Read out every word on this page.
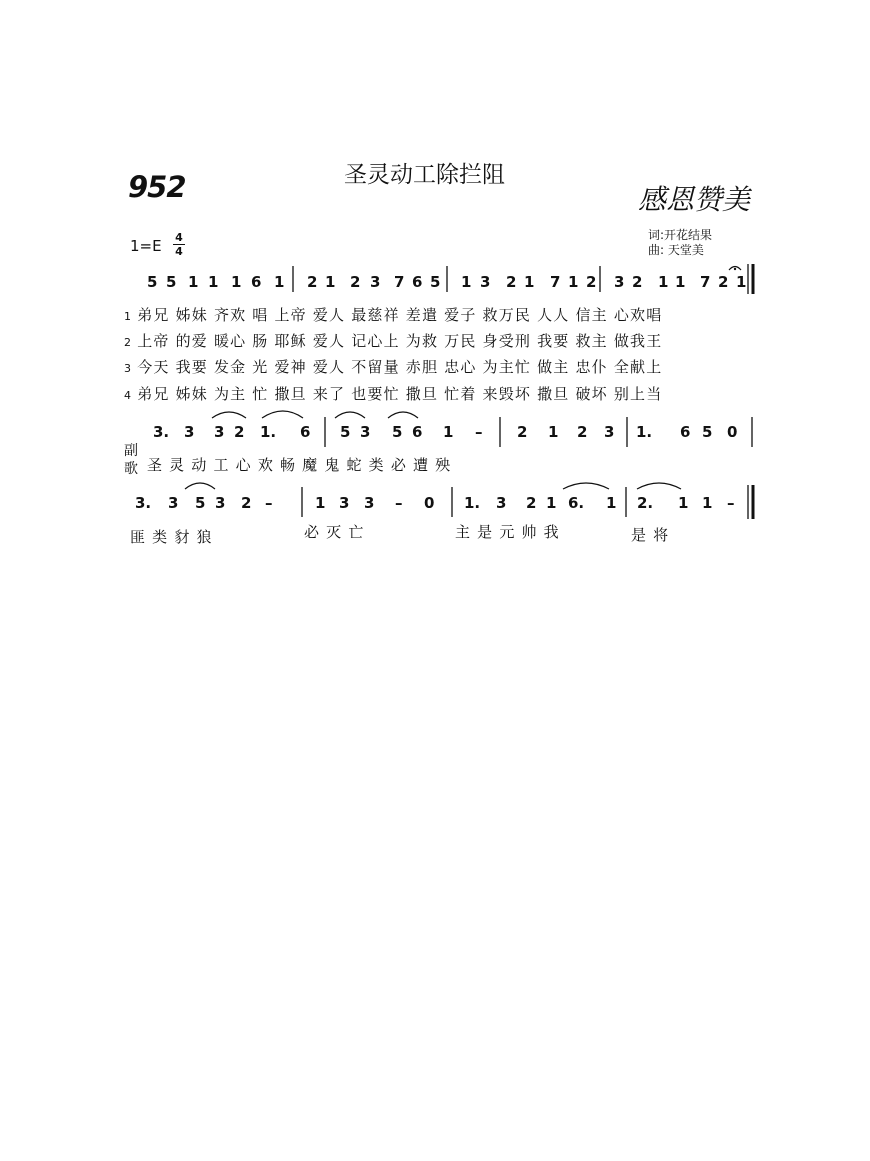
952	圣灵动工除拦阻
感恩赞美
词:开花结果
曲: 天堂美
1=E 4
4
5 5 1 1 1 6 1 2 1 2 3 7 6 5 1 3 2 1 7 1 2 3 2 1 1 7 2 1
3. 3 3 2 1. 6 5 3 5 6 1 – 2 1 2 3 1. 6 5 0
3. 3 5 3 2 –	1 3 3 – 0 1. 3 2 1 6. 1 2. 1 1 –
1 弟兄 姊妹 齐欢 唱 上帝 爱人 最慈祥 差遣 爱子 救万民 人人 信主 心欢唱
2 上帝 的爱 暖心 肠 耶稣 爱人 记心上 为救 万民 身受刑 我要 救主 做我王
3 今天 我要 发金 光 爱神 爱人 不留量 赤胆 忠心 为主忙 做主 忠仆 全献上
4 弟兄 姊妹 为主 忙 撒旦 来了 也要忙 撒旦 忙着 来毁坏 撒旦 破坏 别上当
副
歌 圣 灵 动 工 心 欢 畅 魔 鬼 蛇 类 必 遭 殃
匪 类 豺 狼	必 灭 亡	主 是 元 帅 我	是 将
